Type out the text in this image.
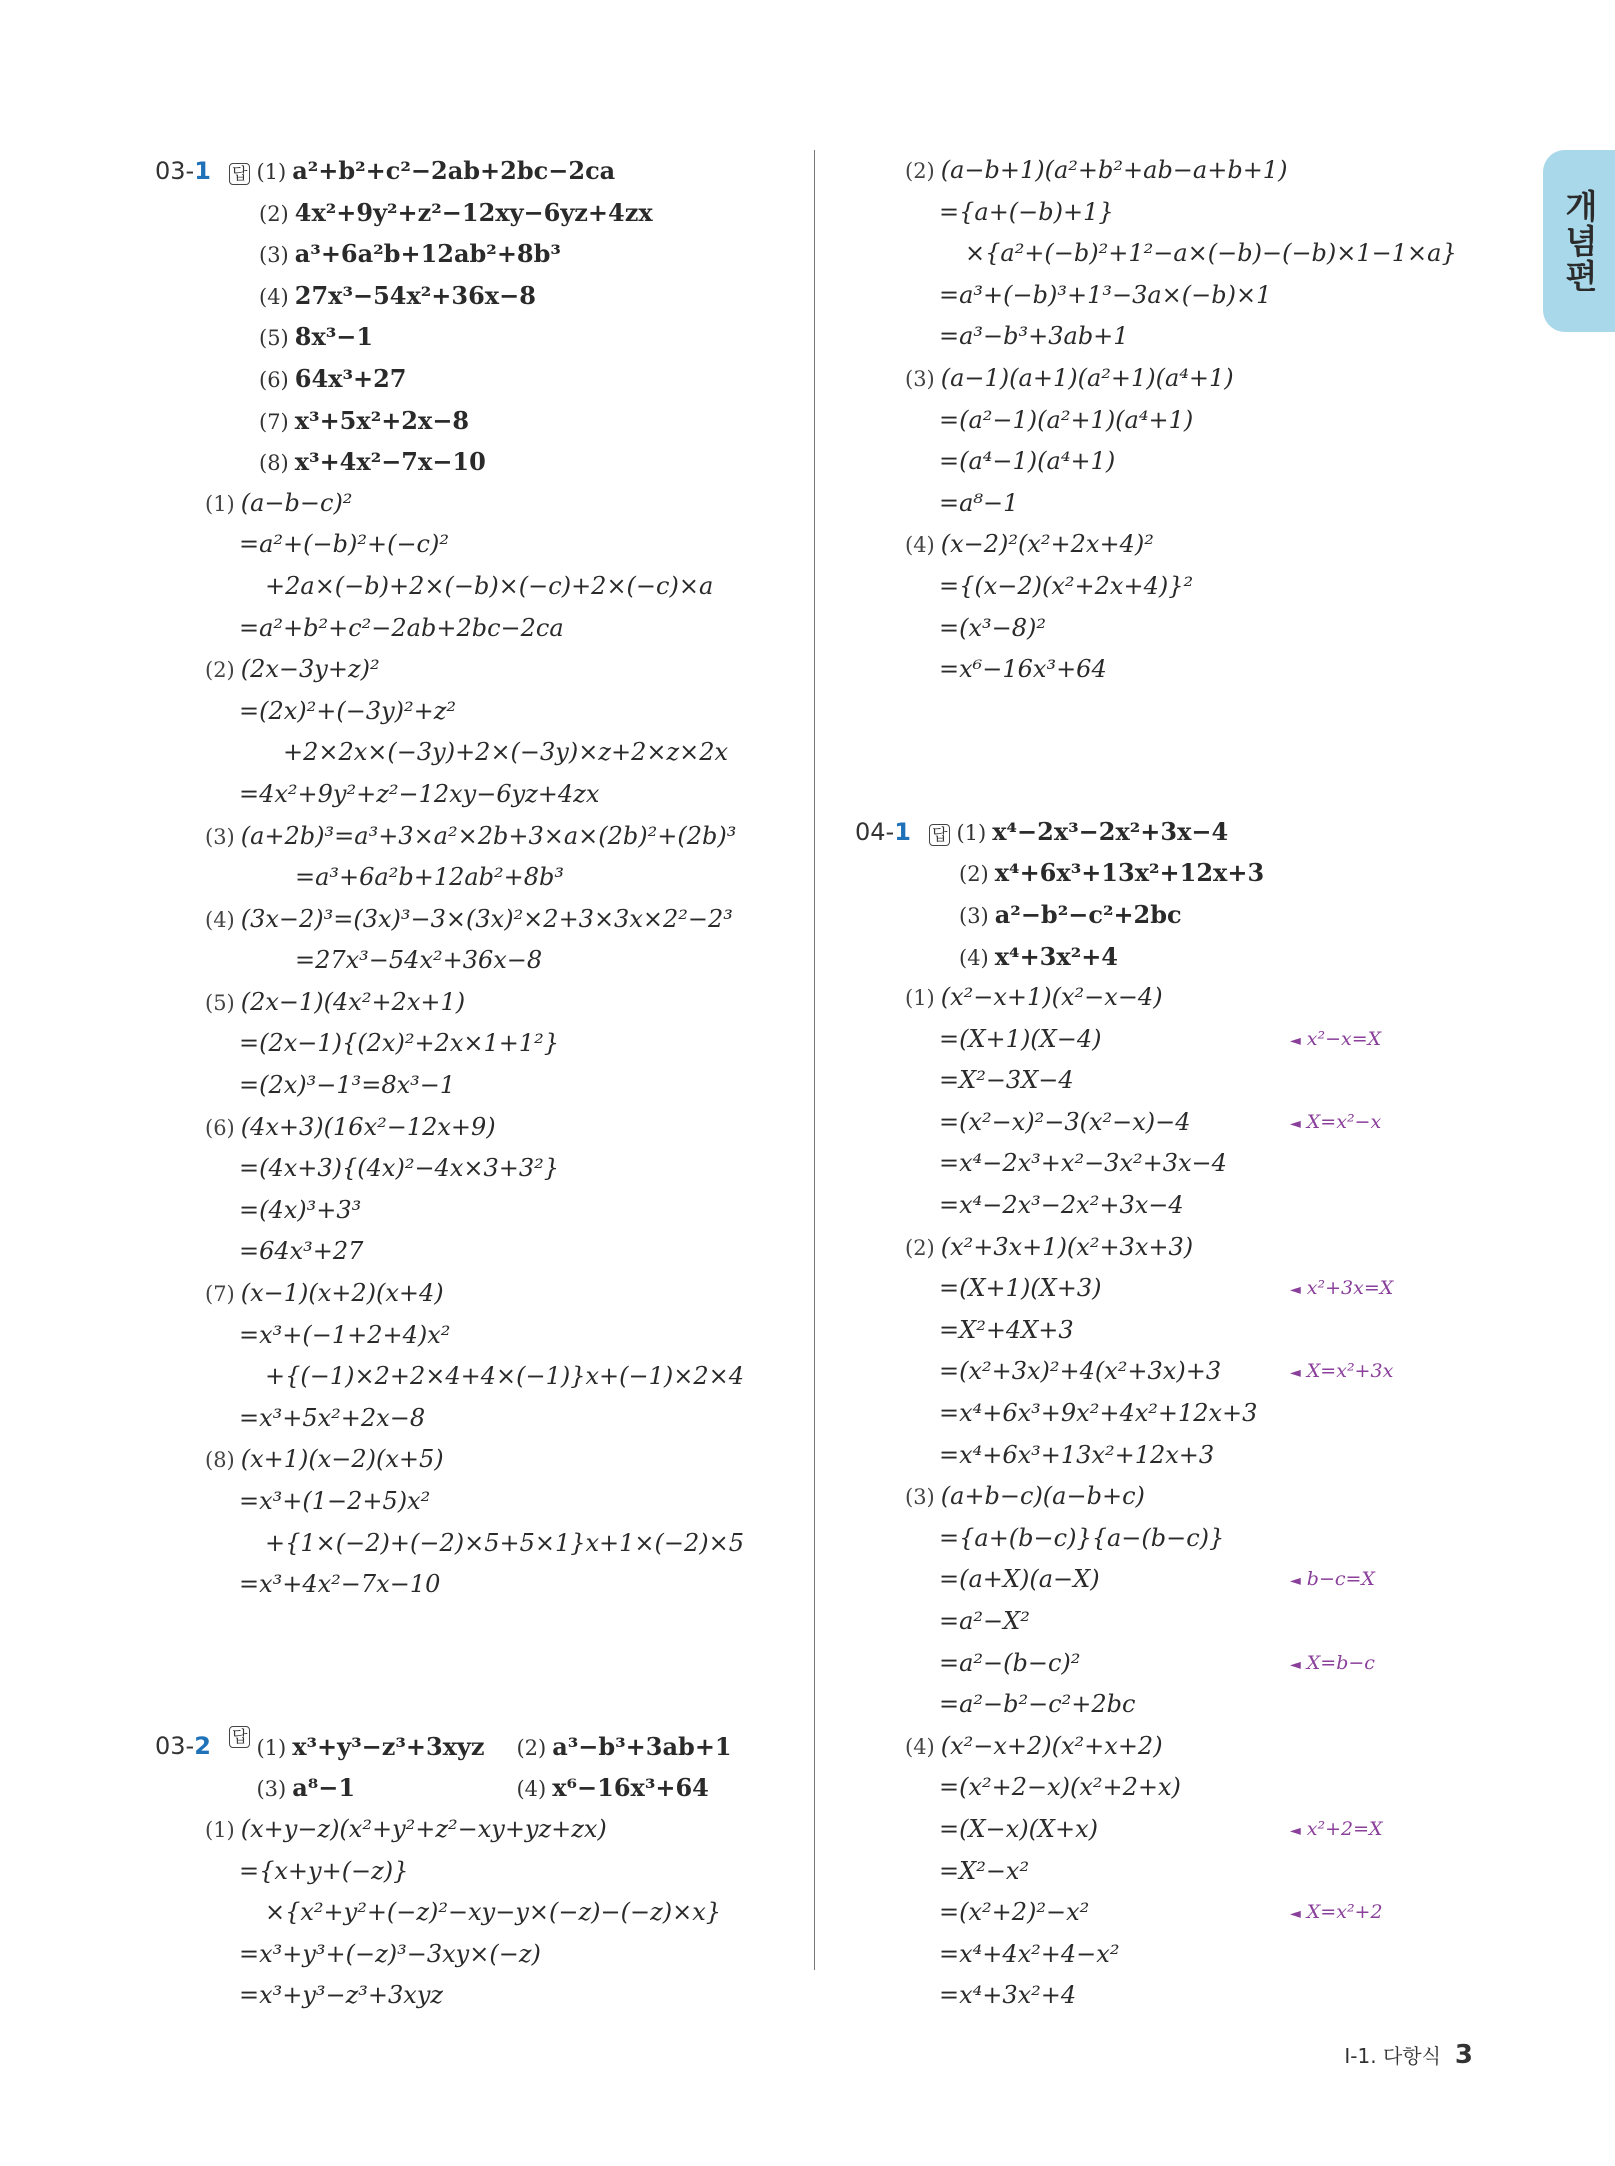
개념편
03-1	답 (1) a²+b²+c²−2ab+2bc−2ca
(2) 4x²+9y²+z²−12xy−6yz+4zx
(3) a³+6a²b+12ab²+8b³
(4) 27x³−54x²+36x−8
(5) 8x³−1
(6) 64x³+27
(7) x³+5x²+2x−8
(8) x³+4x²−7x−10
(1) (a−b−c)²
=a²+(−b)²+(−c)²
+2a×(−b)+2×(−b)×(−c)+2×(−c)×a
=a²+b²+c²−2ab+2bc−2ca
(2) (2x−3y+z)²
=(2x)²+(−3y)²+z²
+2×2x×(−3y)+2×(−3y)×z+2×z×2x
=4x²+9y²+z²−12xy−6yz+4zx
(3) (a+2b)³=a³+3×a²×2b+3×a×(2b)²+(2b)³
=a³+6a²b+12ab²+8b³
(4) (3x−2)³=(3x)³−3×(3x)²×2+3×3x×2²−2³
=27x³−54x²+36x−8
(5) (2x−1)(4x²+2x+1)
=(2x−1){(2x)²+2x×1+1²}
=(2x)³−1³=8x³−1
(6) (4x+3)(16x²−12x+9)
=(4x+3){(4x)²−4x×3+3²}
=(4x)³+3³
=64x³+27
(7) (x−1)(x+2)(x+4)
=x³+(−1+2+4)x²
+{(−1)×2+2×4+4×(−1)}x+(−1)×2×4
=x³+5x²+2x−8
(8) (x+1)(x−2)(x+5)
=x³+(1−2+5)x²
+{1×(−2)+(−2)×5+5×1}x+1×(−2)×5
=x³+4x²−7x−10
03-2	답 (1) x³+y³−z³+3xyz (2) a³−b³+3ab+1
(3) a⁸−1	(4) x⁶−16x³+64
(1) (x+y−z)(x²+y²+z²−xy+yz+zx)
={x+y+(−z)}
×{x²+y²+(−z)²−xy−y×(−z)−(−z)×x}
=x³+y³+(−z)³−3xy×(−z)
=x³+y³−z³+3xyz
(2) (a−b+1)(a²+b²+ab−a+b+1)
={a+(−b)+1}
×{a²+(−b)²+1²−a×(−b)−(−b)×1−1×a}
=a³+(−b)³+1³−3a×(−b)×1
=a³−b³+3ab+1
(3) (a−1)(a+1)(a²+1)(a⁴+1)
=(a²−1)(a²+1)(a⁴+1)
=(a⁴−1)(a⁴+1)
=a⁸−1
(4) (x−2)²(x²+2x+4)²
={(x−2)(x²+2x+4)}²
=(x³−8)²
=x⁶−16x³+64
04-1	답 (1) x⁴−2x³−2x²+3x−4
(2) x⁴+6x³+13x²+12x+3
(3) a²−b²−c²+2bc
(4) x⁴+3x²+4
(1) (x²−x+1)(x²−x−4)
=(X+1)(X−4)	◄ x²−x=X
=X²−3X−4
=(x²−x)²−3(x²−x)−4	◄ X=x²−x
=x⁴−2x³+x²−3x²+3x−4
=x⁴−2x³−2x²+3x−4
(2) (x²+3x+1)(x²+3x+3)
=(X+1)(X+3)	◄ x²+3x=X
=X²+4X+3
=(x²+3x)²+4(x²+3x)+3	◄ X=x²+3x
=x⁴+6x³+9x²+4x²+12x+3
=x⁴+6x³+13x²+12x+3
(3) (a+b−c)(a−b+c)
={a+(b−c)}{a−(b−c)}
=(a+X)(a−X)	◄ b−c=X
=a²−X²
=a²−(b−c)²	◄ X=b−c
=a²−b²−c²+2bc
(4) (x²−x+2)(x²+x+2)
=(x²+2−x)(x²+2+x)
=(X−x)(X+x)	◄ x²+2=X
=X²−x²
=(x²+2)²−x²	◄ X=x²+2
=x⁴+4x²+4−x²
=x⁴+3x²+4
Ⅰ-1. 다항식 3
